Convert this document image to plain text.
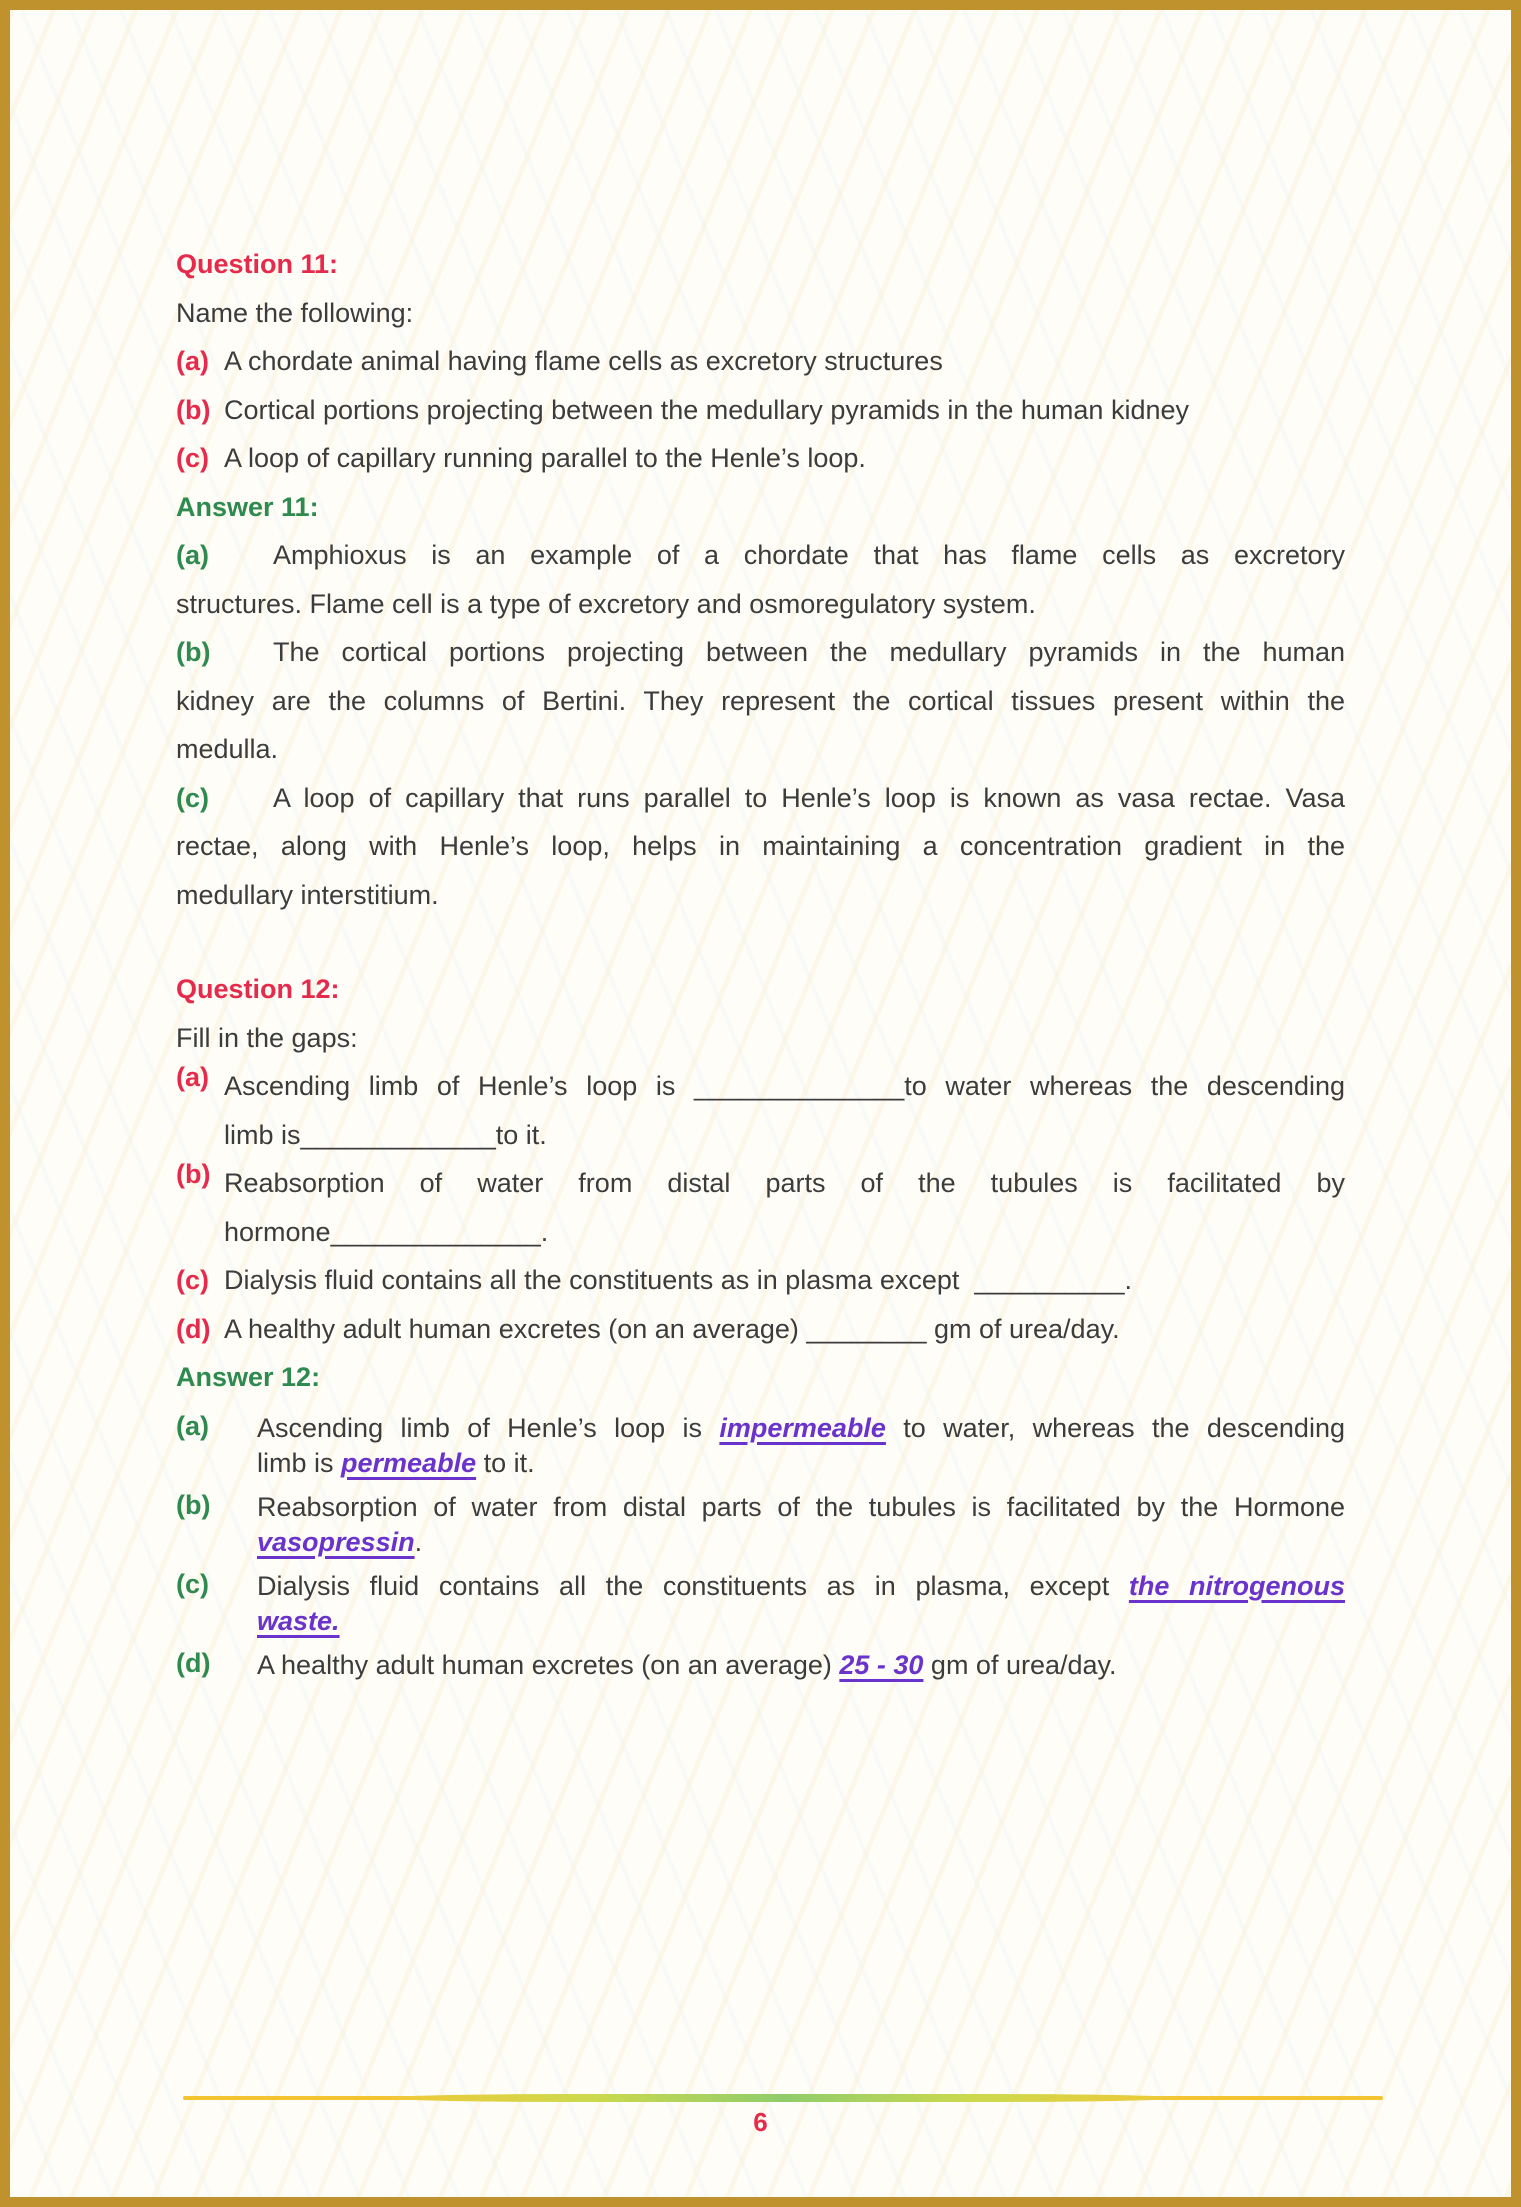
Question 11:
Name the following:
(a) A chordate animal having flame cells as excretory structures
(b) Cortical portions projecting between the medullary pyramids in the human kidney
(c) A loop of capillary running parallel to the Henle’s loop.
Answer 11:
(a) Amphioxus is an example of a chordate that has flame cells as excretory
structures. Flame cell is a type of excretory and osmoregulatory system.
(b) The cortical portions projecting between the medullary pyramids in the human
kidney are the columns of Bertini. They represent the cortical tissues present within the
medulla.
(c) A loop of capillary that runs parallel to Henle’s loop is known as vasa rectae. Vasa
rectae, along with Henle’s loop, helps in maintaining a concentration gradient in the
medullary interstitium.
Question 12:
Fill in the gaps:
(a) Ascending limb of Henle’s loop is ______________to water whereas the descending
limb is_____________to it.
(b) Reabsorption of water from distal parts of the tubules is facilitated by
hormone______________.
(c) Dialysis fluid contains all the constituents as in plasma except  __________.
(d) A healthy adult human excretes (on an average) ________ gm of urea/day.
Answer 12:
(a) Ascending limb of Henle’s loop is impermeable to water, whereas the descending
limb is permeable to it.
(b) Reabsorption of water from distal parts of the tubules is facilitated by the Hormone
vasopressin.
(c) Dialysis fluid contains all the constituents as in plasma, except the nitrogenous
waste.
(d) A healthy adult human excretes (on an average) 25 - 30 gm of urea/day.
6
